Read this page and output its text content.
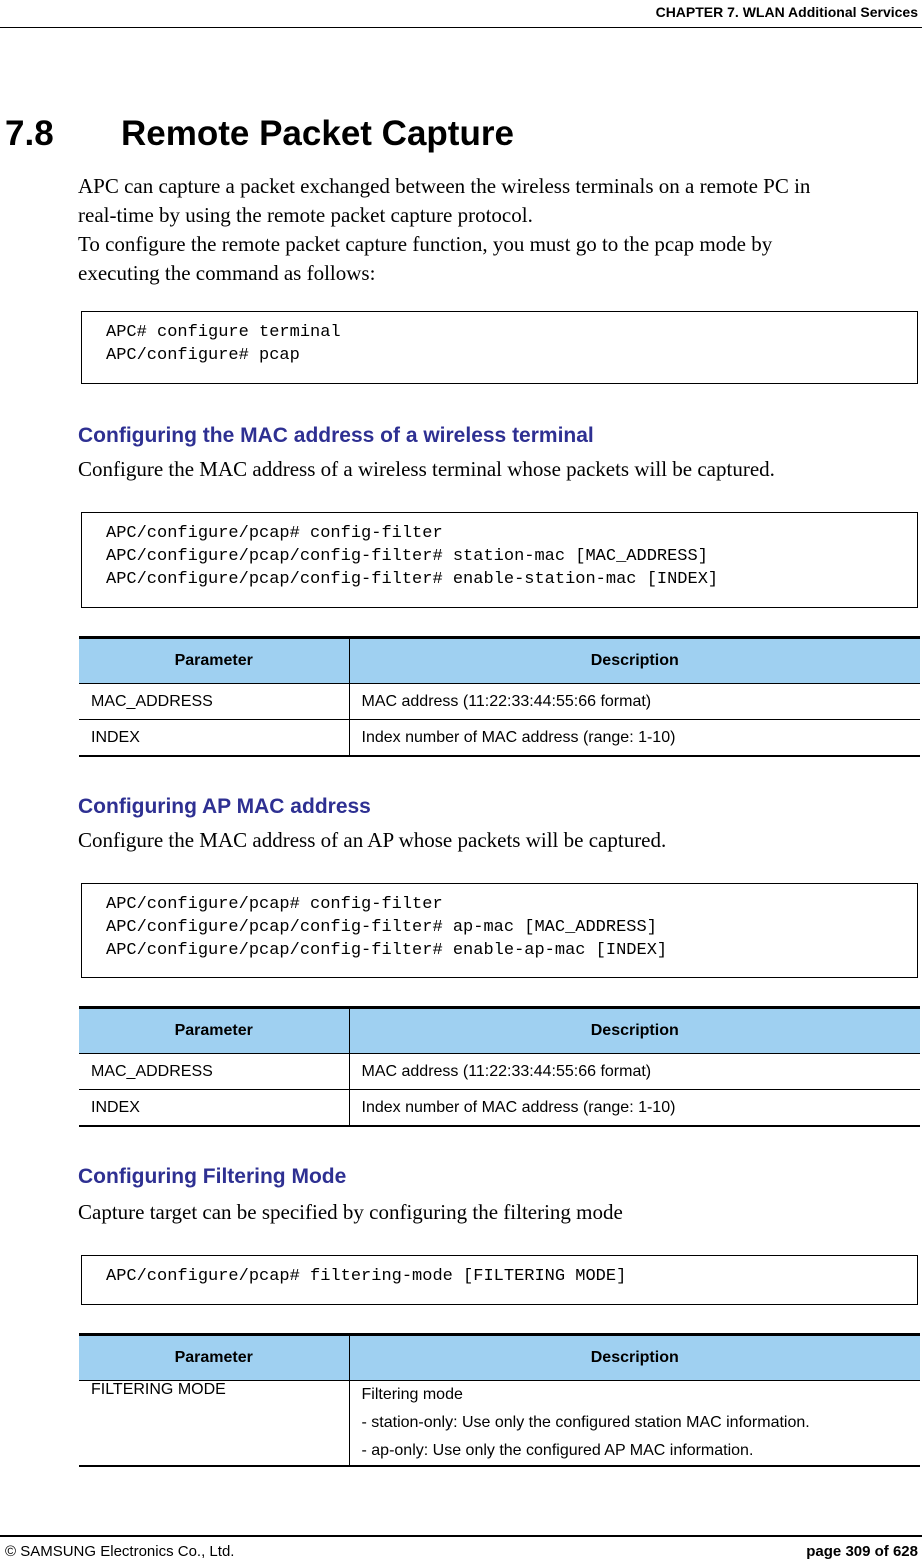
CHAPTER 7. WLAN Additional Services
7.8 Remote Packet Capture

APC can capture a packet exchanged between the wireless terminals on a remote PC in
real-time by using the remote packet capture protocol.
To configure the remote packet capture function, you must go to the pcap mode by
executing the command as follows:

APC# configure terminal
APC/configure# pcap
Configuring the MAC address of a wireless terminal

Configure the MAC address of a wireless terminal whose packets will be captured.

APC/configure/pcap# config-filter
APC/configure/pcap/config-filter# station-mac [MAC_ADDRESS]
APC/configure/pcap/config-filter# enable-station-mac [INDEX]
Parameter	Description
MAC_ADDRESS	MAC address (11:22:33:44:55:66 format)
INDEX	Index number of MAC address (range: 1-10)
Configuring AP MAC address

Configure the MAC address of an AP whose packets will be captured.

APC/configure/pcap# config-filter
APC/configure/pcap/config-filter# ap-mac [MAC_ADDRESS]
APC/configure/pcap/config-filter# enable-ap-mac [INDEX]
Parameter	Description
MAC_ADDRESS	MAC address (11:22:33:44:55:66 format)
INDEX	Index number of MAC address (range: 1-10)
Configuring Filtering Mode

Capture target can be specified by configuring the filtering mode

APC/configure/pcap# filtering-mode [FILTERING MODE]
Parameter	Description
FILTERING MODE	Filtering mode
- station-only: Use only the configured station MAC information.
- ap-only: Use only the configured AP MAC information.
© SAMSUNG Electronics Co., Ltd.	page 309 of 628
